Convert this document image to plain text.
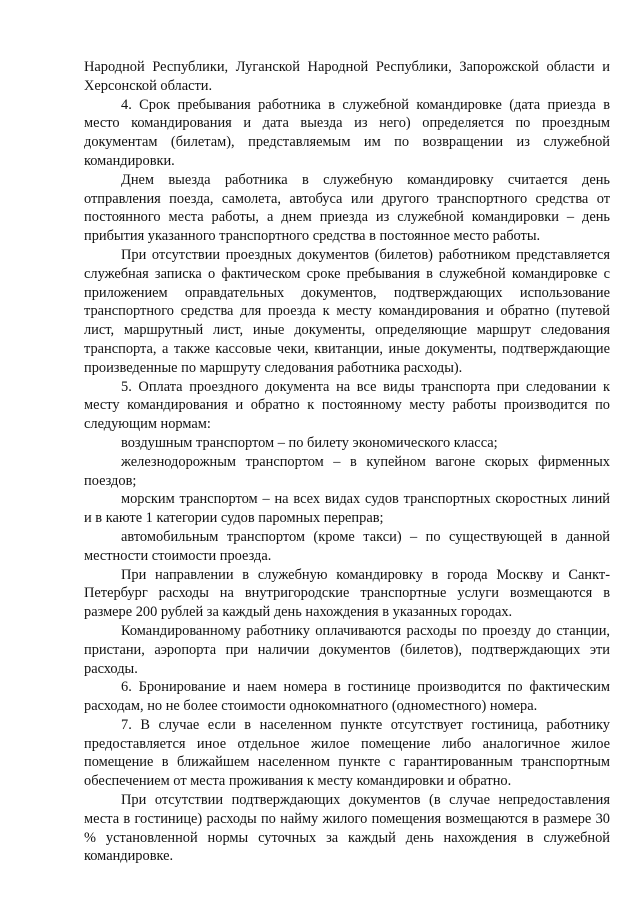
Народной Республики, Луганской Народной Республики, Запорожской области и Херсонской области.

4. Срок пребывания работника в служебной командировке (дата приезда в место командирования и дата выезда из него) определяется по проездным документам (билетам), представляемым им по возвращении из служебной командировки.

Днем выезда работника в служебную командировку считается день отправления поезда, самолета, автобуса или другого транспортного средства от постоянного места работы, а днем приезда из служебной командировки – день прибытия указанного транспортного средства в постоянное место работы.

При отсутствии проездных документов (билетов) работником представляется служебная записка о фактическом сроке пребывания в служебной командировке с приложением оправдательных документов, подтверждающих использование транспортного средства для проезда к месту командирования и обратно (путевой лист, маршрутный лист, иные документы, определяющие маршрут следования транспорта, а также кассовые чеки, квитанции, иные документы, подтверждающие произведенные по маршруту следования работника расходы).

5. Оплата проездного документа на все виды транспорта при следовании к месту командирования и обратно к постоянному месту работы производится по следующим нормам:

воздушным транспортом – по билету экономического класса;

железнодорожным транспортом – в купейном вагоне скорых фирменных поездов;

морским транспортом – на всех видах судов транспортных скоростных линий и в каюте 1 категории судов паромных переправ;

автомобильным транспортом (кроме такси) – по существующей в данной местности стоимости проезда.

При направлении в служебную командировку в города Москву и Санкт-Петербург расходы на внутригородские транспортные услуги возмещаются в размере 200 рублей за каждый день нахождения в указанных городах.

Командированному работнику оплачиваются расходы по проезду до станции, пристани, аэропорта при наличии документов (билетов), подтверждающих эти расходы.

6. Бронирование и наем номера в гостинице производится по фактическим расходам, но не более стоимости однокомнатного (одноместного) номера.

7. В случае если в населенном пункте отсутствует гостиница, работнику предоставляется иное отдельное жилое помещение либо аналогичное жилое помещение в ближайшем населенном пункте с гарантированным транспортным обеспечением от места проживания к месту командировки и обратно.

При отсутствии подтверждающих документов (в случае непредоставления места в гостинице) расходы по найму жилого помещения возмещаются в размере 30 % установленной нормы суточных за каждый день нахождения в служебной командировке.
